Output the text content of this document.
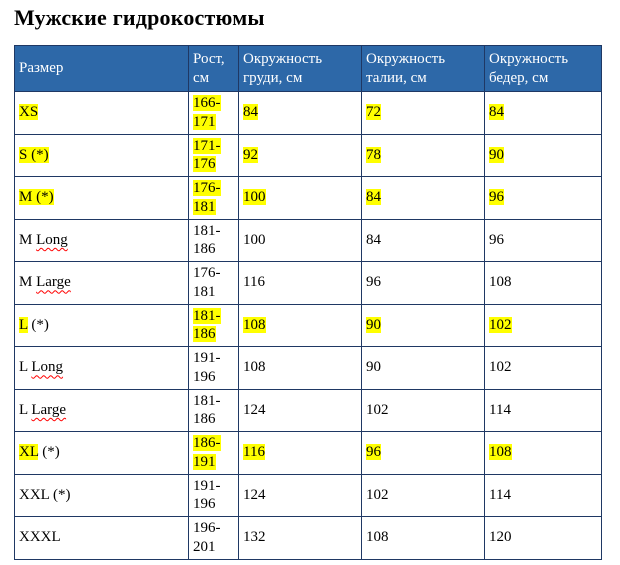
Мужские гидрокостюмы
Размер	Рост, см	Окружность груди, см	Окружность талии, см	Окружность бедер, см
XS	166-171	84	72	84
S (*)	171-176	92	78	90
M (*)	176-181	100	84	96
M Long	181-186	100	84	96
M Large	176-181	116	96	108
L (*)	181-186	108	90	102
L Long	191-196	108	90	102
L Large	181-186	124	102	114
XL (*)	186-191	116	96	108
XXL (*)	191-196	124	102	114
XXXL	196-201	132	108	120
